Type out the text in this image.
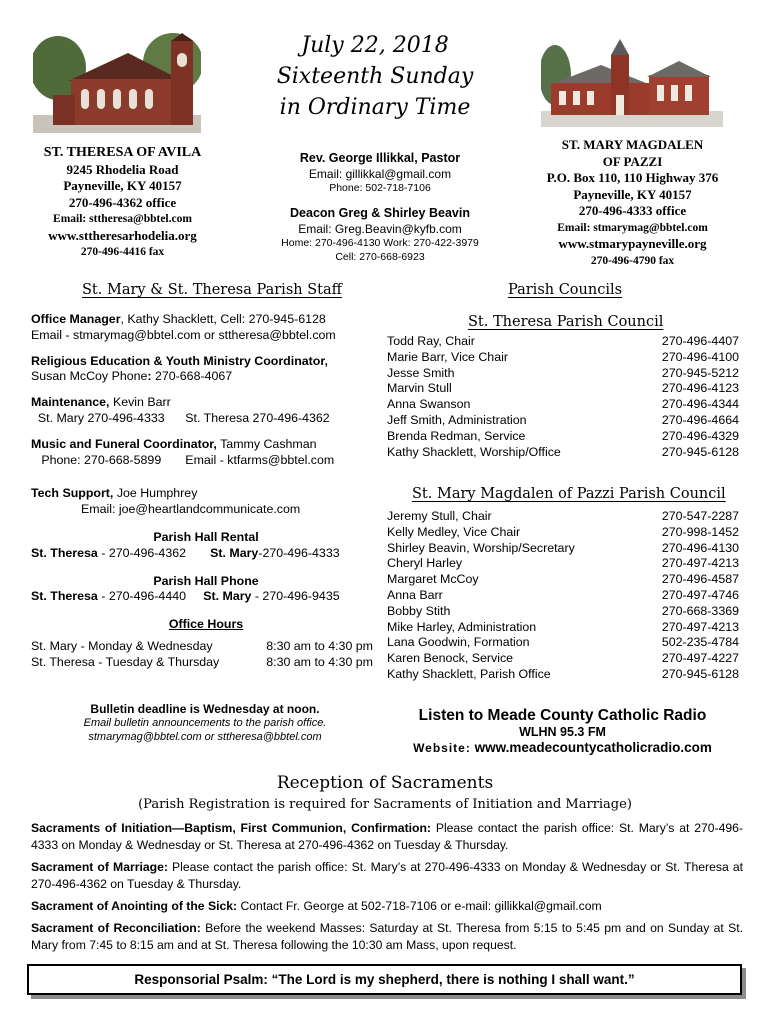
July 22, 2018
Sixteenth Sunday
in Ordinary Time
ST. THERESA OF AVILA
9245 Rhodelia Road
Payneville, KY 40157
270-496-4362 office
Email: sttheresa@bbtel.com
www.sttheresarhodelia.org
270-496-4416 fax
Rev. George Illikkal, Pastor
Email: gillikkal@gmail.com
Phone: 502-718-7106
Deacon Greg & Shirley Beavin
Email: Greg.Beavin@kyfb.com
Home: 270-496-4130 Work: 270-422-3979
Cell: 270-668-6923
ST. MARY MAGDALEN
OF PAZZI
P.O. Box 110, 110 Highway 376
Payneville, KY 40157
270-496-4333 office
Email: stmarymag@bbtel.com
www.stmarypayneville.org
270-496-4790 fax
St. Mary & St. Theresa Parish Staff	Parish Councils

Office Manager, Kathy Shacklett, Cell: 270-945-6128

Email - stmarymag@bbtel.com or sttheresa@bbtel.com

Religious Education & Youth Ministry Coordinator,

Susan McCoy Phone: 270-668-4067

Maintenance, Kevin Barr

St. Mary 270-496-4333      St. Theresa 270-496-4362

Music and Funeral Coordinator, Tammy Cashman

Phone: 270-668-5899       Email - ktfarms@bbtel.com

Tech Support, Joe Humphrey

Email: joe@heartlandcommunicate.com

Parish Hall Rental

St. Theresa - 270-496-4362 St. Mary-270-496-4333

Parish Hall Phone

St. Theresa - 270-496-4440 St. Mary - 270-496-9435

Office Hours

St. Mary - Monday & Wednesday	8:30 am to 4:30 pm
St. Theresa - Tuesday & Thursday	8:30 am to 4:30 pm
St. Theresa Parish Council
Todd Ray, Chair	270-496-4407
Marie Barr, Vice Chair	270-496-4100
Jesse Smith	270-945-5212
Marvin Stull	270-496-4123
Anna Swanson	270-496-4344
Jeff Smith, Administration	270-496-4664
Brenda Redman, Service	270-496-4329
Kathy Shacklett, Worship/Office	270-945-6128
St. Mary Magdalen of Pazzi Parish Council
Jeremy Stull, Chair	270-547-2287
Kelly Medley, Vice Chair	270-998-1452
Shirley Beavin, Worship/Secretary	270-496-4130
Cheryl Harley	270-497-4213
Margaret McCoy	270-496-4587
Anna Barr	270-497-4746
Bobby Stith	270-668-3369
Mike Harley, Administration	270-497-4213
Lana Goodwin, Formation	502-235-4784
Karen Benock, Service	270-497-4227
Kathy Shacklett, Parish Office	270-945-6128
Bulletin deadline is Wednesday at noon.
Email bulletin announcements to the parish office.
stmarymag@bbtel.com or sttheresa@bbtel.com
Listen to Meade County Catholic Radio
WLHN 95.3 FM
Website: www.meadecountycatholicradio.com
Reception of Sacraments
(Parish Registration is required for Sacraments of Initiation and Marriage)
Sacraments of Initiation—Baptism, First Communion, Confirmation: Please contact the parish office: St. Mary’s at 270-496-4333 on Monday & Wednesday or St. Theresa at 270-496-4362 on Tuesday & Thursday.
Sacrament of Marriage: Please contact the parish office: St. Mary’s at 270-496-4333 on Monday & Wednesday or St. Theresa at 270-496-4362 on Tuesday & Thursday.
Sacrament of Anointing of the Sick: Contact Fr. George at 502-718-7106 or e-mail: gillikkal@gmail.com
Sacrament of Reconciliation: Before the weekend Masses: Saturday at St. Theresa from 5:15 to 5:45 pm and on Sunday at St. Mary from 7:45 to 8:15 am and at St. Theresa following the 10:30 am Mass, upon request.
Responsorial Psalm: “The Lord is my shepherd, there is nothing I shall want.”
